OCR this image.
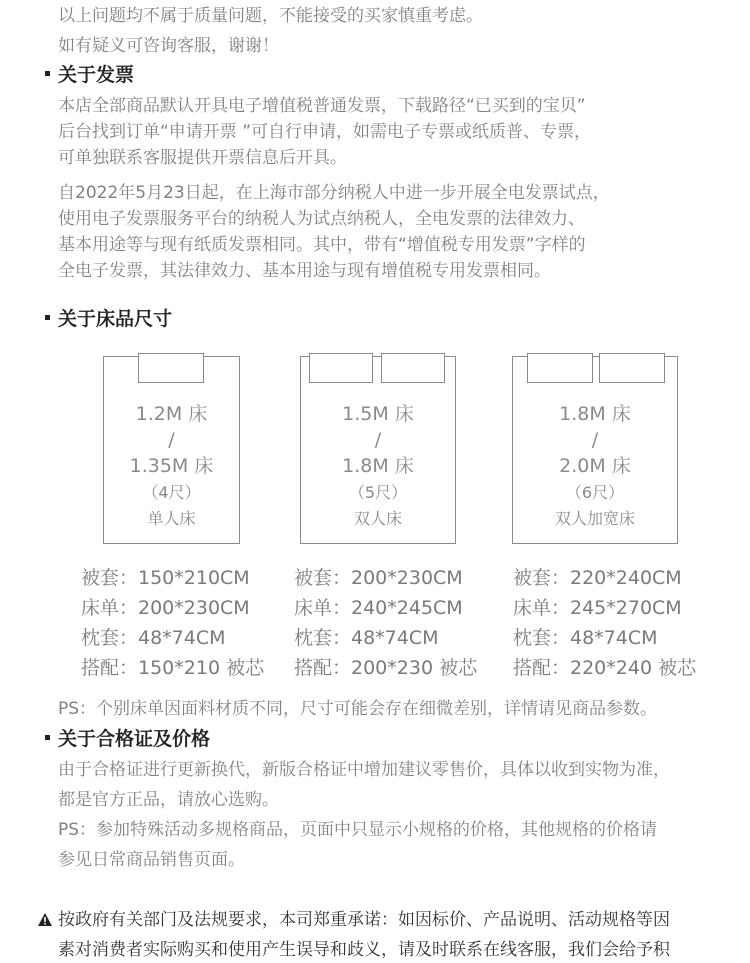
以上问题均不属于质量问题，不能接受的买家慎重考虑。
如有疑义可咨询客服，谢谢！
关于发票
本店全部商品默认开具电子增值税普通发票，下载路径“已买到的宝贝”
后台找到订单“申请开票 ”可自行申请，如需电子专票或纸质普、专票，
可单独联系客服提供开票信息后开具。
自2022年5月23日起，在上海市部分纳税人中进一步开展全电发票试点，
使用电子发票服务平台的纳税人为试点纳税人，全电发票的法律效力、
基本用途等与现有纸质发票相同。其中，带有“增值税专用发票”字样的
全电子发票，其法律效力、基本用途与现有增值税专用发票相同。
关于床品尺寸
1.2M 床
/
1.35M 床
（4尺）
单人床
1.5M 床
/
1.8M 床
（5尺）
双人床
1.8M 床
/
2.0M 床
（6尺）
双人加宽床
被套：150*210CM
床单：200*230CM
枕套：48*74CM
搭配：150*210 被芯
被套：200*230CM
床单：240*245CM
枕套：48*74CM
搭配：200*230 被芯
被套：220*240CM
床单：245*270CM
枕套：48*74CM
搭配：220*240 被芯
PS：个别床单因面料材质不同，尺寸可能会存在细微差别，详情请见商品参数。
关于合格证及价格
由于合格证进行更新换代，新版合格证中增加建议零售价，具体以收到实物为准，
都是官方正品，请放心选购。
PS：参加特殊活动多规格商品，页面中只显示小规格的价格，其他规格的价格请
参见日常商品销售页面。
按政府有关部门及法规要求，本司郑重承诺：如因标价、产品说明、活动规格等因
素对消费者实际购买和使用产生误导和歧义，请及时联系在线客服，我们会给予积
